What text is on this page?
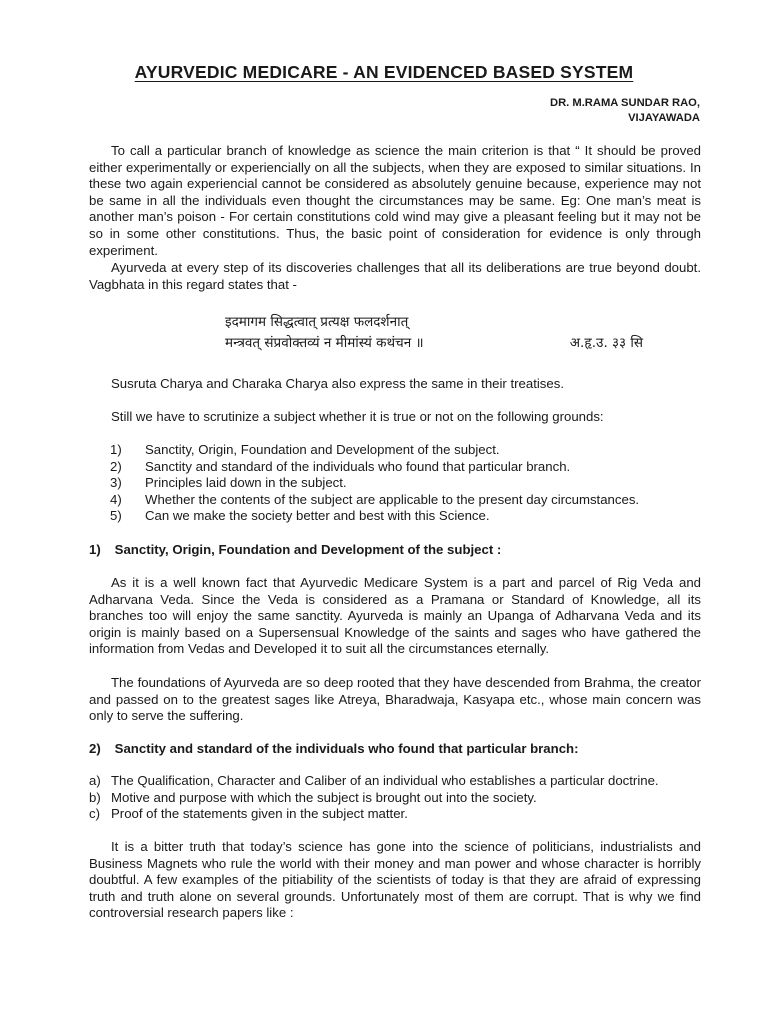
AYURVEDIC MEDICARE - AN EVIDENCED BASED SYSTEM
DR. M.RAMA SUNDAR RAO,
VIJAYAWADA
To call a particular branch of knowledge as science the main criterion is that “ It should be proved either experimentally or experiencially on all the subjects, when they are exposed to similar situations. In these two again experiencial cannot be considered as absolutely genuine because, experience may not be same in all the individuals even thought the circumstances may be same. Eg: One man’s meat is another man’s poison - For certain constitutions cold wind may give a pleasant feeling but it may not be so in some other constitutions. Thus, the basic point of consideration for evidence is only through experiment.
Ayurveda at every step of its discoveries challenges that all its deliberations are true beyond doubt. Vagbhata in this regard states that -
इदमागम सिद्धत्वात् प्रत्यक्ष फलदर्शनात्
मन्त्रवत् संप्रवोक्तव्यं न मीमांस्यं कथंचन ॥	अ.हृ.उ. ३३ सि
Susruta Charya and Charaka Charya also express the same in their treatises.
Still we have to scrutinize a subject whether it is true or not on the following grounds:
1)	Sanctity, Origin, Foundation and Development of the subject.
2)	Sanctity and standard of the individuals who found that particular branch.
3)	Principles laid down in the subject.
4)	Whether the contents of the subject are applicable to the present day circumstances.
5)	Can we make the society better and best with this Science.
1) Sanctity, Origin, Foundation and Development of the subject :
As it is a well known fact that Ayurvedic Medicare System is a part and parcel of Rig Veda and Adharvana Veda. Since the Veda is considered as a Pramana or Standard of Knowledge, all its branches too will enjoy the same sanctity. Ayurveda is mainly an Upanga of Adharvana Veda and its origin is mainly based on a Supersensual Knowledge of the saints and sages who have gathered the information from Vedas and Developed it to suit all the circumstances eternally.
The foundations of Ayurveda are so deep rooted that they have descended from Brahma, the creator and passed on to the greatest sages like Atreya, Bharadwaja, Kasyapa etc., whose main concern was only to serve the suffering.
2) Sanctity and standard of the individuals who found that particular branch:
a) The Qualification, Character and Caliber of an individual who establishes a particular doctrine.
b) Motive and purpose with which the subject is brought out into the society.
c) Proof of the statements given in the subject matter.
It is a bitter truth that today’s science has gone into the science of politicians, industrialists and Business Magnets who rule the world with their money and man power and whose character is horribly doubtful. A few examples of the pitiability of the scientists of today is that they are afraid of expressing truth and truth alone on several grounds. Unfortunately most of them are corrupt. That is why we find controversial research papers like :
